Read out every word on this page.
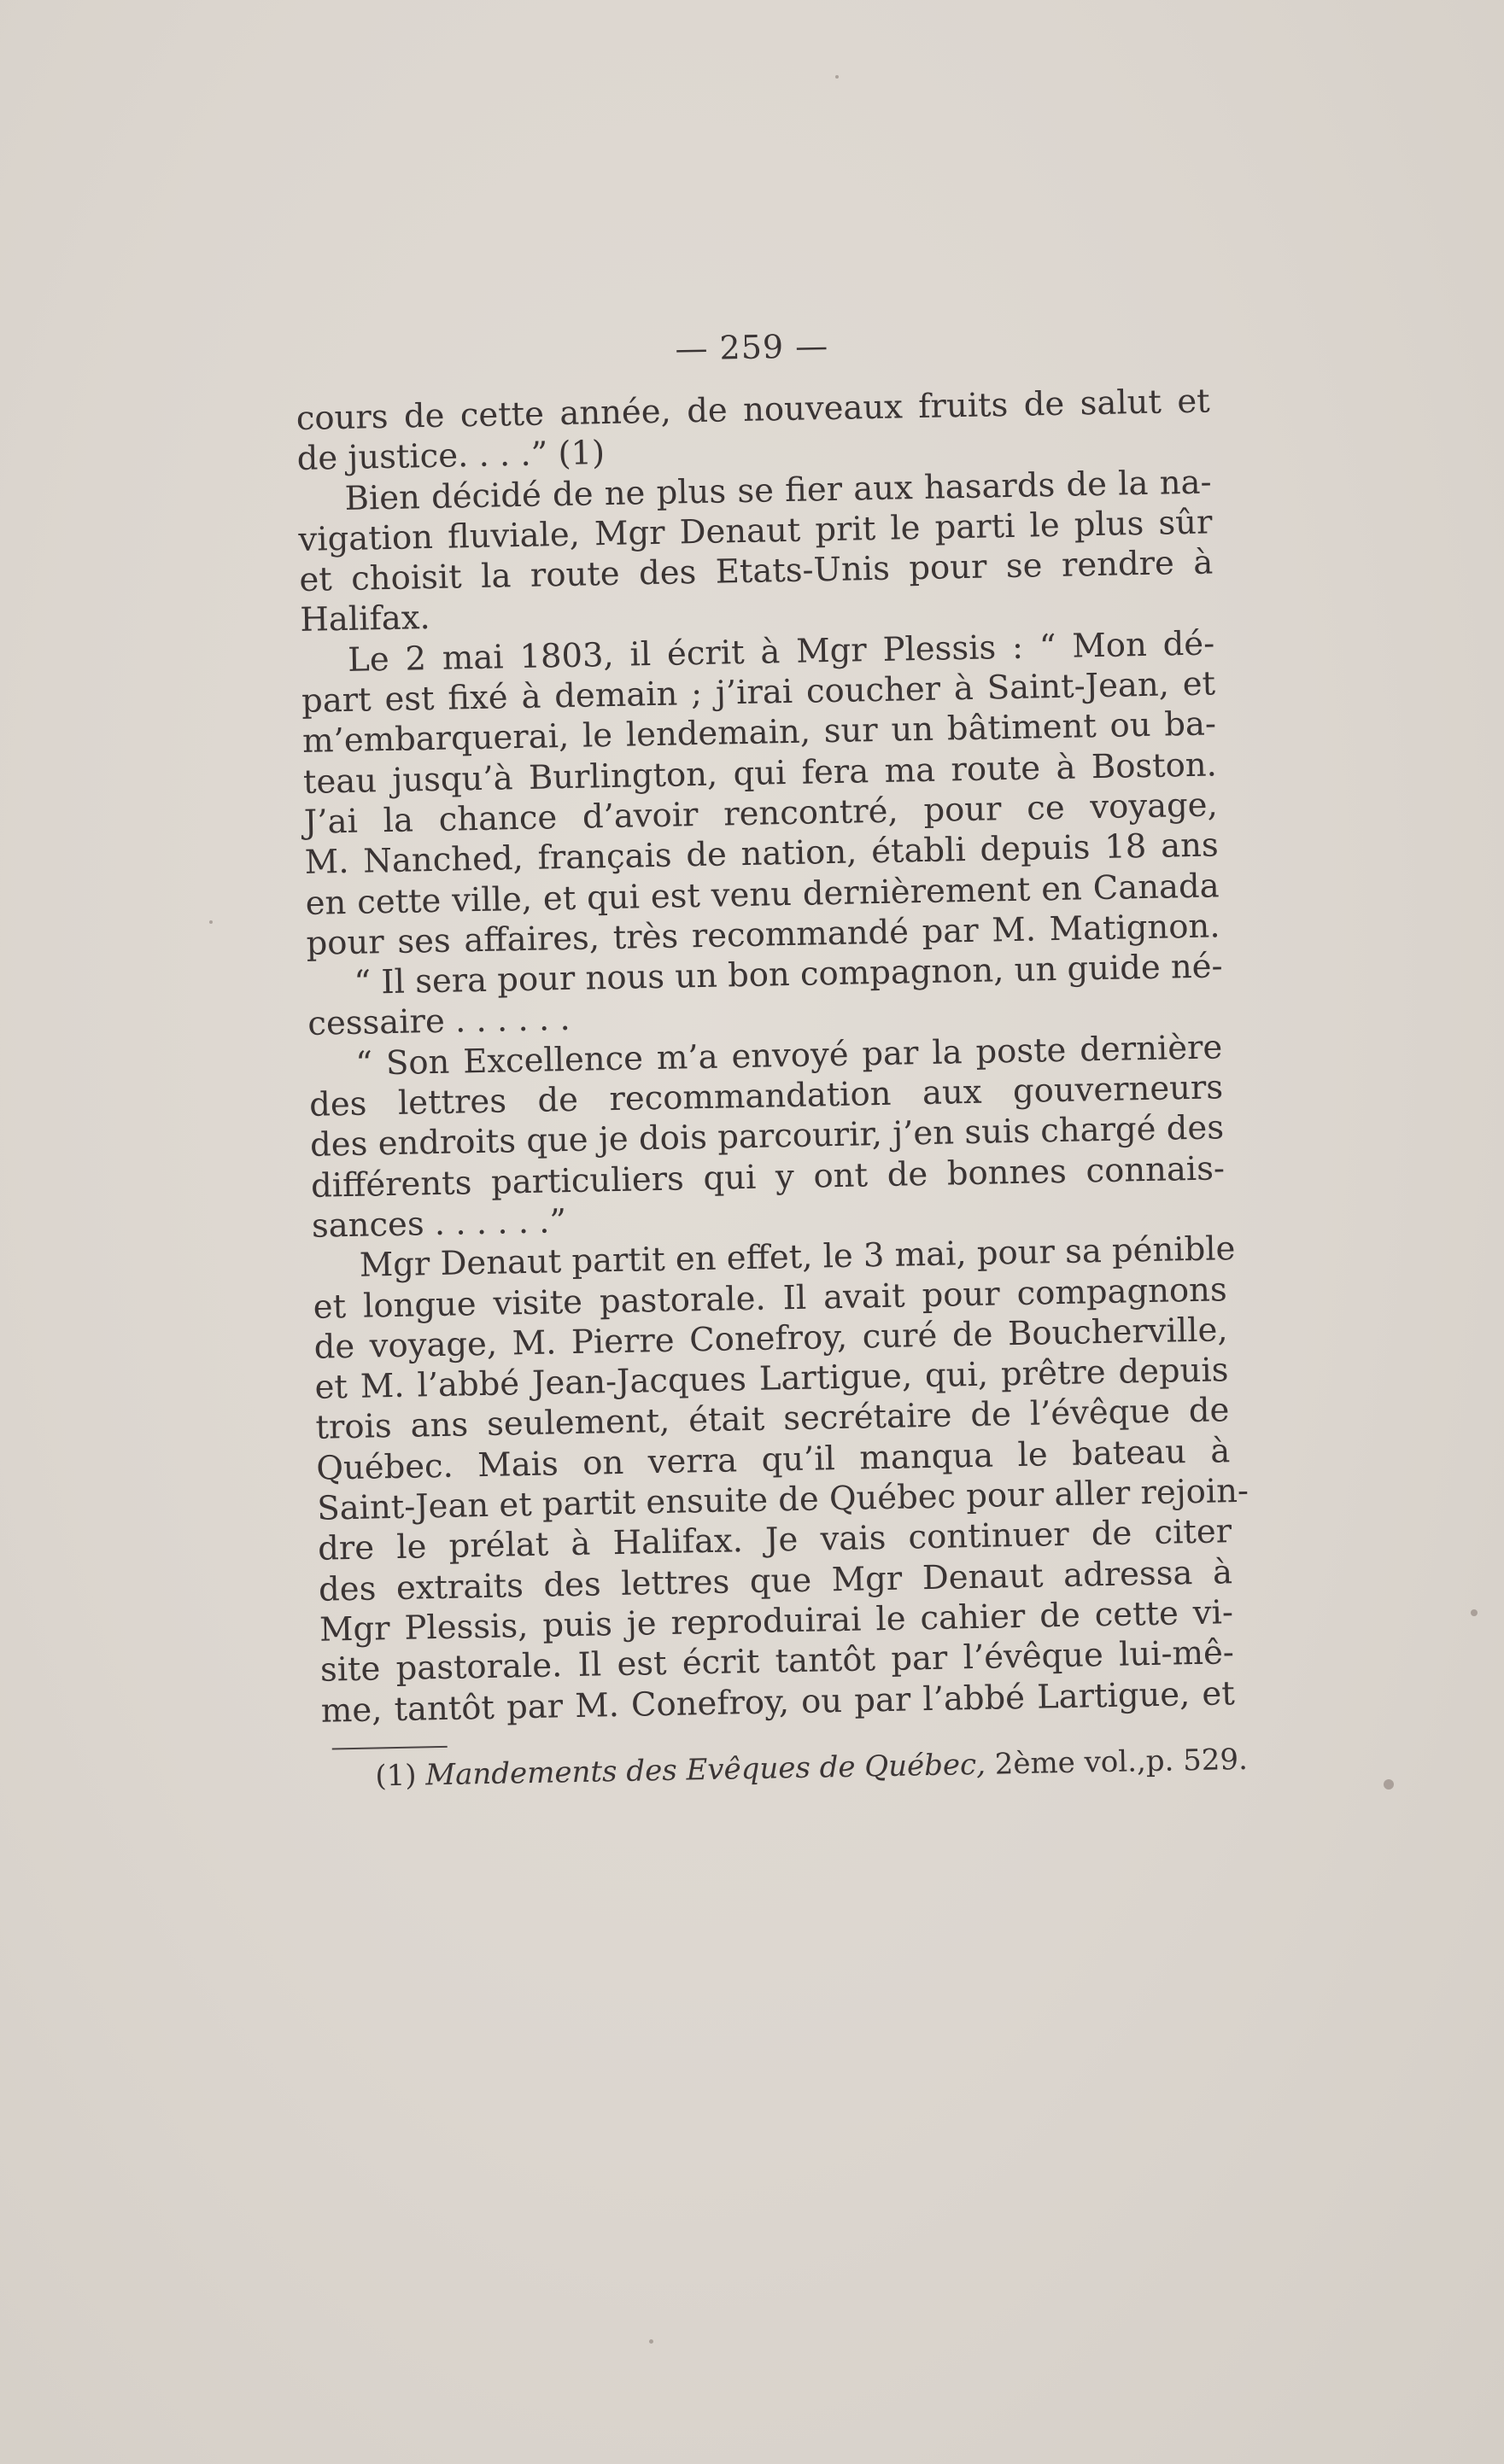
— 259 —
cours de cette année, de nouveaux fruits de salut et
de justice. . . .” (1)
Bien décidé de ne plus se fier aux hasards de la na-
vigation fluviale, Mgr Denaut prit le parti le plus sûr
et choisit la route des Etats-Unis pour se rendre à
Halifax.
Le 2 mai 1803, il écrit à Mgr Plessis : “ Mon dé-
part est fixé à demain ; j’irai coucher à Saint-Jean, et
m’embarquerai, le lendemain, sur un bâtiment ou ba-
teau jusqu’à Burlington, qui fera ma route à Boston.
J’ai la chance d’avoir rencontré, pour ce voyage,
M. Nanched, français de nation, établi depuis 18 ans
en cette ville, et qui est venu dernièrement en Canada
pour ses affaires, très recommandé par M. Matignon.
“ Il sera pour nous un bon compagnon, un guide né-
cessaire . . . . . .
“ Son Excellence m’a envoyé par la poste dernière
des lettres de recommandation aux gouverneurs
des endroits que je dois parcourir, j’en suis chargé des
différents particuliers qui y ont de bonnes connais-
sances . . . . . .”
Mgr Denaut partit en effet, le 3 mai, pour sa pénible
et longue visite pastorale. Il avait pour compagnons
de voyage, M. Pierre Conefroy, curé de Boucherville,
et M. l’abbé Jean-Jacques Lartigue, qui, prêtre depuis
trois ans seulement, était secrétaire de l’évêque de
Québec. Mais on verra qu’il manqua le bateau à
Saint-Jean et partit ensuite de Québec pour aller rejoin-
dre le prélat à Halifax. Je vais continuer de citer
des extraits des lettres que Mgr Denaut adressa à
Mgr Plessis, puis je reproduirai le cahier de cette vi-
site pastorale. Il est écrit tantôt par l’évêque lui-mê-
me, tantôt par M. Conefroy, ou par l’abbé Lartigue, et
(1) Mandements des Evêques de Québec, 2ème vol.,p. 529.
